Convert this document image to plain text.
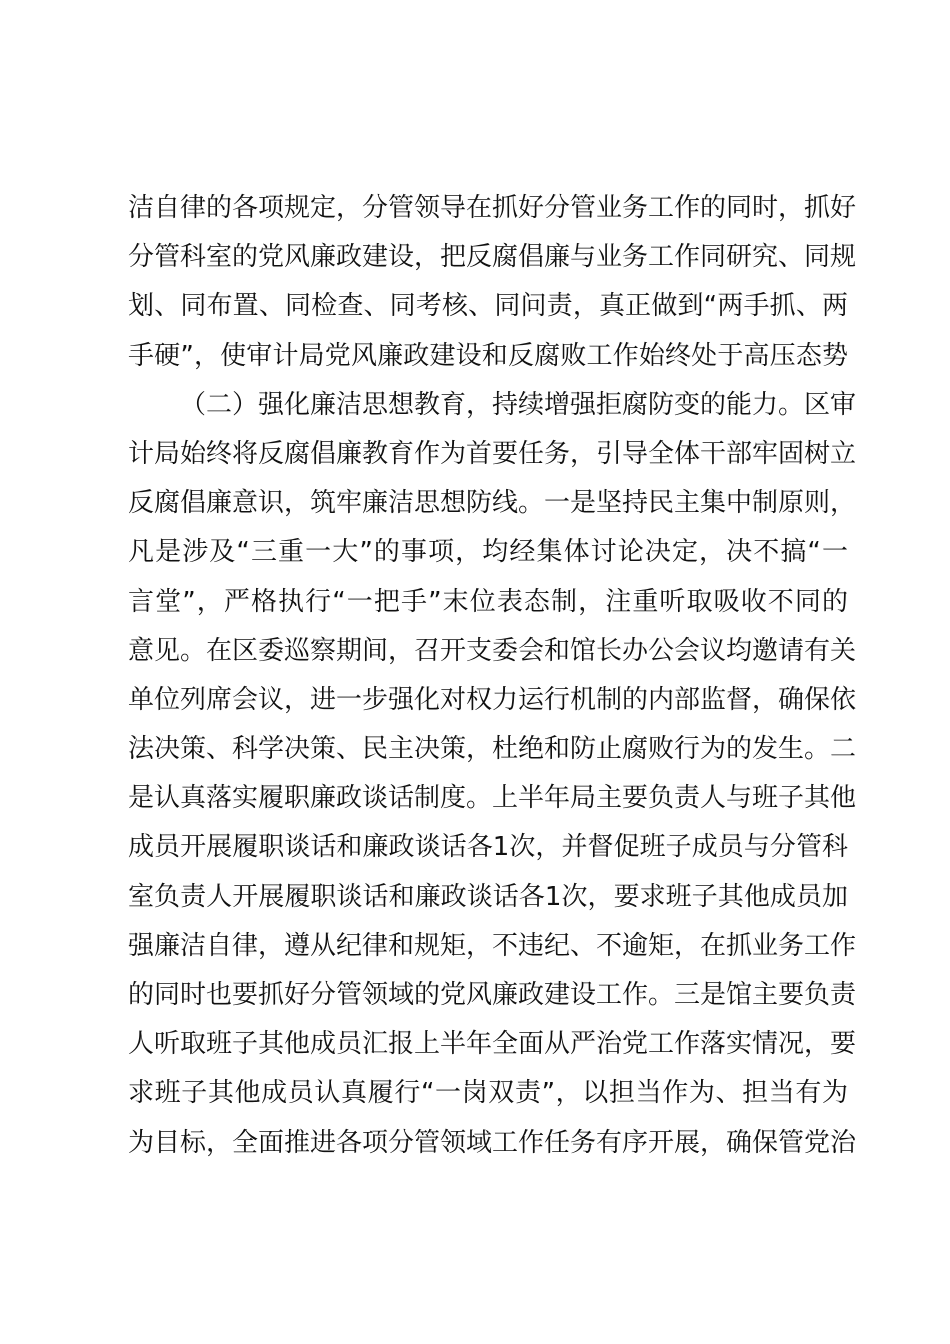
洁自律的各项规定，分管领导在抓好分管业务工作的同时，抓好
分管科室的党风廉政建设，把反腐倡廉与业务工作同研究、同规
划、同布置、同检查、同考核、同问责，真正做到“两手抓、两
手硬”，使审计局党风廉政建设和反腐败工作始终处于高压态势
（二）强化廉洁思想教育，持续增强拒腐防变的能力。区审
计局始终将反腐倡廉教育作为首要任务，引导全体干部牢固树立
反腐倡廉意识，筑牢廉洁思想防线。一是坚持民主集中制原则，
凡是涉及“三重一大”的事项，均经集体讨论决定，决不搞“一
言堂”，严格执行“一把手”末位表态制，注重听取吸收不同的
意见。在区委巡察期间，召开支委会和馆长办公会议均邀请有关
单位列席会议，进一步强化对权力运行机制的内部监督，确保依
法决策、科学决策、民主决策，杜绝和防止腐败行为的发生。二
是认真落实履职廉政谈话制度。上半年局主要负责人与班子其他
成员开展履职谈话和廉政谈话各1次，并督促班子成员与分管科
室负责人开展履职谈话和廉政谈话各1次，要求班子其他成员加
强廉洁自律，遵从纪律和规矩，不违纪、不逾矩，在抓业务工作
的同时也要抓好分管领域的党风廉政建设工作。三是馆主要负责
人听取班子其他成员汇报上半年全面从严治党工作落实情况，要
求班子其他成员认真履行“一岗双责”，以担当作为、担当有为
为目标，全面推进各项分管领域工作任务有序开展，确保管党治
